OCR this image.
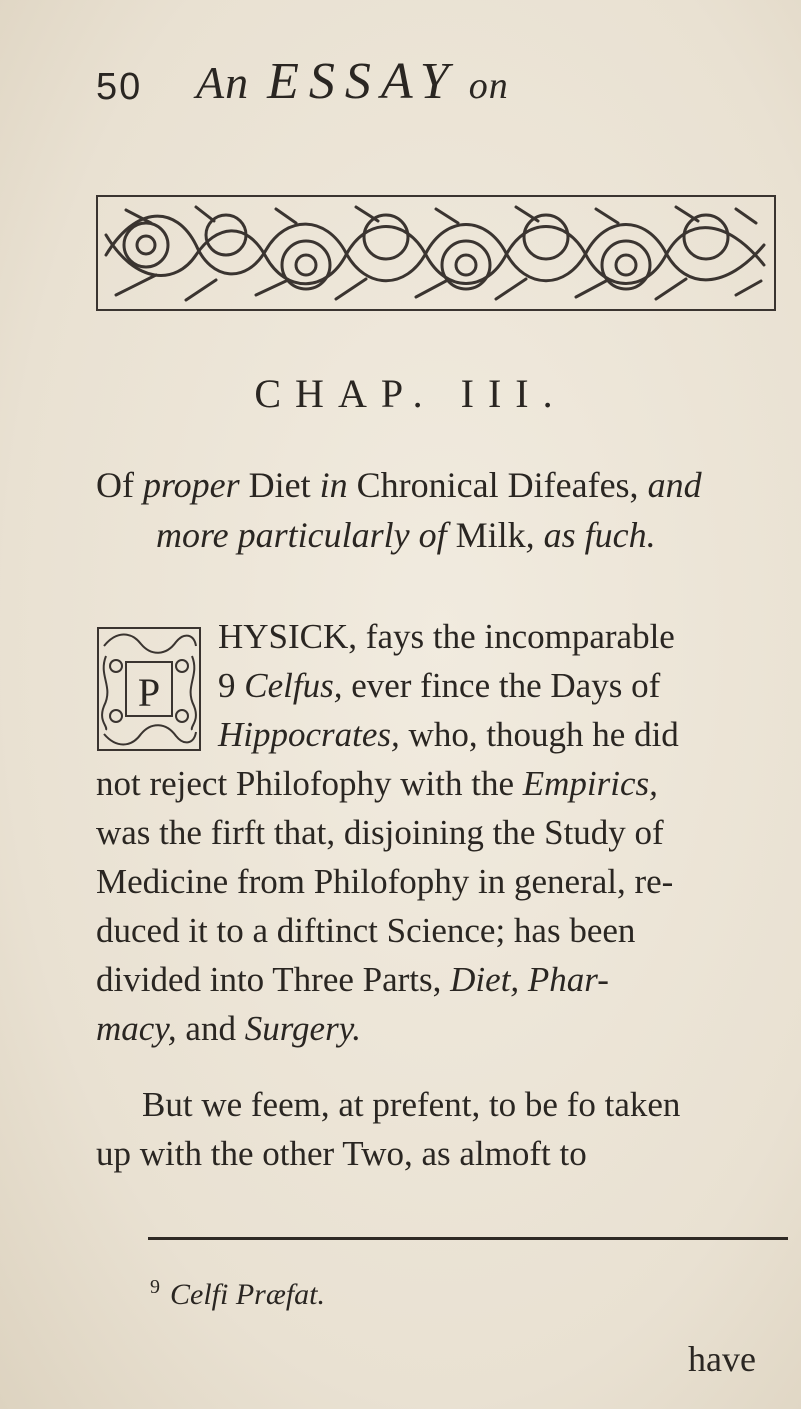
50 An ESSAY on
CHAP. III.
Of proper Diet in Chronical Difeafes, and
more particularly of Milk, as fuch.
P
HYSICK, fays the incomparable
9 Celfus, ever fince the Days of
Hippocrates, who, though he did
not reject Philofophy with the Empirics,
was the firft that, disjoining the Study of
Medicine from Philofophy in general, re-
duced it to a diftinct Science; has been
divided into Three Parts, Diet, Phar-
macy, and Surgery.
But we feem, at prefent, to be fo taken
up with the other Two, as almoft to
$^9$ Celfi Præfat.
have
